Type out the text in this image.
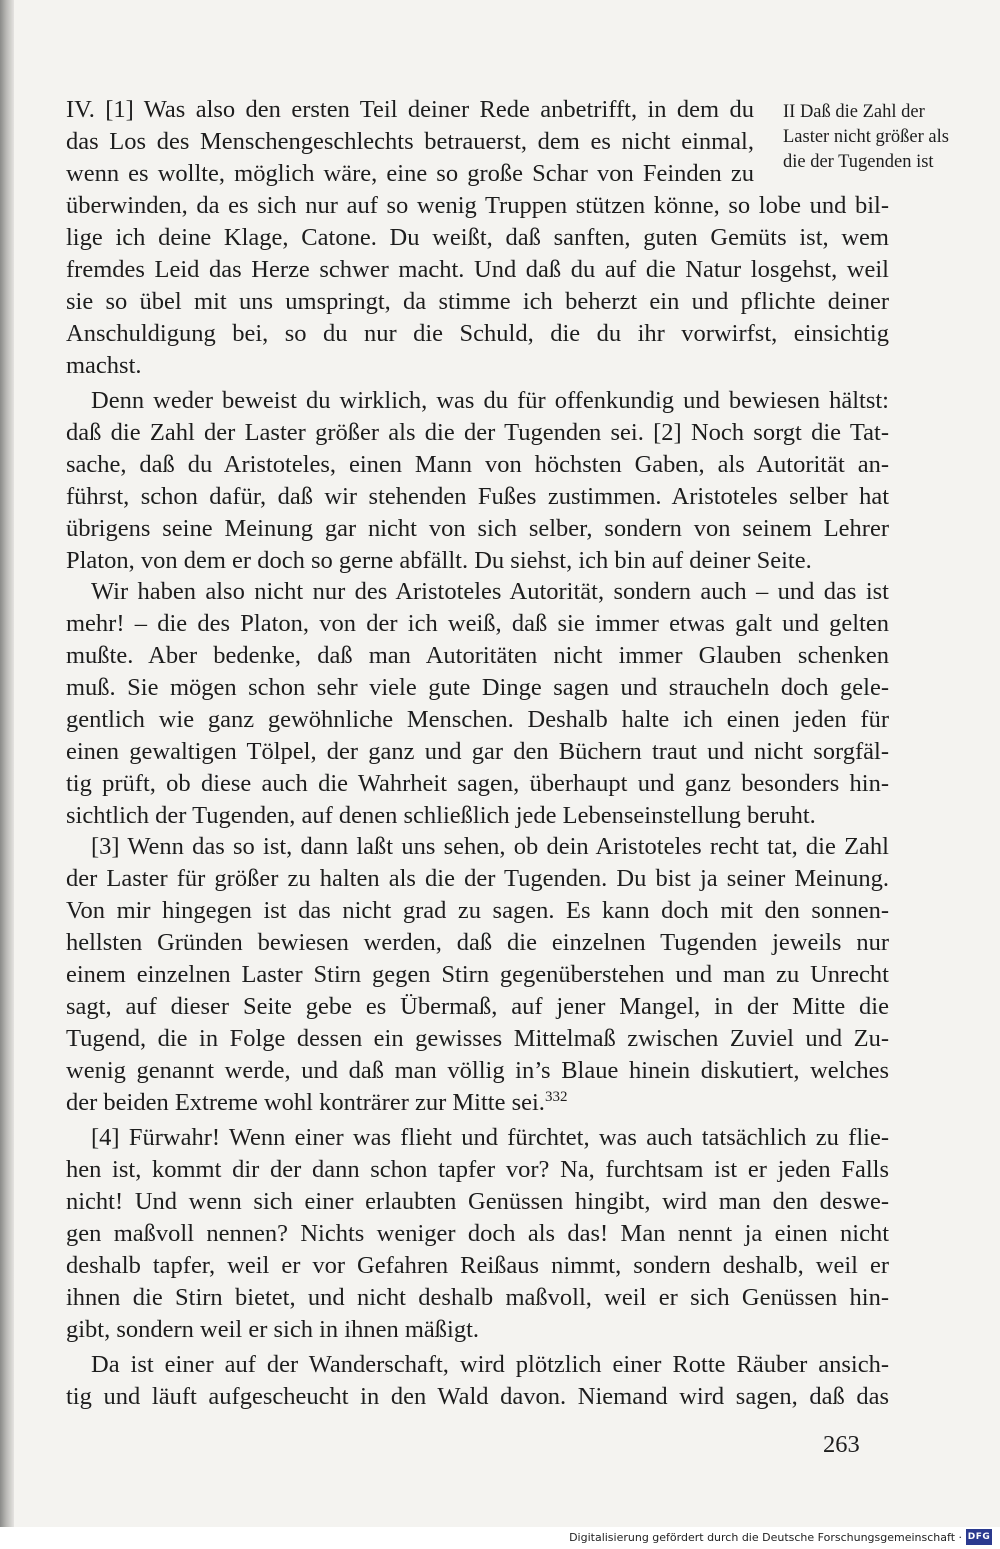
II Daß die Zahl der
Laster nicht größer als
die der Tugenden ist
IV. [1] Was also den ersten Teil deiner Rede anbetrifft, in dem du
das Los des Menschengeschlechts betrauerst, dem es nicht einmal,
wenn es wollte, möglich wäre, eine so große Schar von Feinden zu
überwinden, da es sich nur auf so wenig Truppen stützen könne, so lobe und bil-
lige ich deine Klage, Catone. Du weißt, daß sanften, guten Gemüts ist, wem
fremdes Leid das Herze schwer macht. Und daß du auf die Natur losgehst, weil
sie so übel mit uns umspringt, da stimme ich beherzt ein und pflichte deiner
Anschuldigung bei, so du nur die Schuld, die du ihr vorwirfst, einsichtig
machst.
Denn weder beweist du wirklich, was du für offenkundig und bewiesen hältst:
daß die Zahl der Laster größer als die der Tugenden sei. [2] Noch sorgt die Tat-
sache, daß du Aristoteles, einen Mann von höchsten Gaben, als Autorität an-
führst, schon dafür, daß wir stehenden Fußes zustimmen. Aristoteles selber hat
übrigens seine Meinung gar nicht von sich selber, sondern von seinem Lehrer
Platon, von dem er doch so gerne abfällt. Du siehst, ich bin auf deiner Seite.
Wir haben also nicht nur des Aristoteles Autorität, sondern auch – und das ist
mehr! – die des Platon, von der ich weiß, daß sie immer etwas galt und gelten
mußte. Aber bedenke, daß man Autoritäten nicht immer Glauben schenken
muß. Sie mögen schon sehr viele gute Dinge sagen und straucheln doch gele-
gentlich wie ganz gewöhnliche Menschen. Deshalb halte ich einen jeden für
einen gewaltigen Tölpel, der ganz und gar den Büchern traut und nicht sorgfäl-
tig prüft, ob diese auch die Wahrheit sagen, überhaupt und ganz besonders hin-
sichtlich der Tugenden, auf denen schließlich jede Lebenseinstellung beruht.
[3] Wenn das so ist, dann laßt uns sehen, ob dein Aristoteles recht tat, die Zahl
der Laster für größer zu halten als die der Tugenden. Du bist ja seiner Meinung.
Von mir hingegen ist das nicht grad zu sagen. Es kann doch mit den sonnen-
hellsten Gründen bewiesen werden, daß die einzelnen Tugenden jeweils nur
einem einzelnen Laster Stirn gegen Stirn gegenüberstehen und man zu Unrecht
sagt, auf dieser Seite gebe es Übermaß, auf jener Mangel, in der Mitte die
Tugend, die in Folge dessen ein gewisses Mittelmaß zwischen Zuviel und Zu-
wenig genannt werde, und daß man völlig in’s Blaue hinein diskutiert, welches
der beiden Extreme wohl konträrer zur Mitte sei.$^{332}$
[4] Fürwahr! Wenn einer was flieht und fürchtet, was auch tatsächlich zu flie-
hen ist, kommt dir der dann schon tapfer vor? Na, furchtsam ist er jeden Falls
nicht! Und wenn sich einer erlaubten Genüssen hingibt, wird man den deswe-
gen maßvoll nennen? Nichts weniger doch als das! Man nennt ja einen nicht
deshalb tapfer, weil er vor Gefahren Reißaus nimmt, sondern deshalb, weil er
ihnen die Stirn bietet, und nicht deshalb maßvoll, weil er sich Genüssen hin-
gibt, sondern weil er sich in ihnen mäßigt.
Da ist einer auf der Wanderschaft, wird plötzlich einer Rotte Räuber ansich-
tig und läuft aufgescheucht in den Wald davon. Niemand wird sagen, daß das
263
Digitalisierung gefördert durch die Deutsche Forschungsgemeinschaft · DFG
